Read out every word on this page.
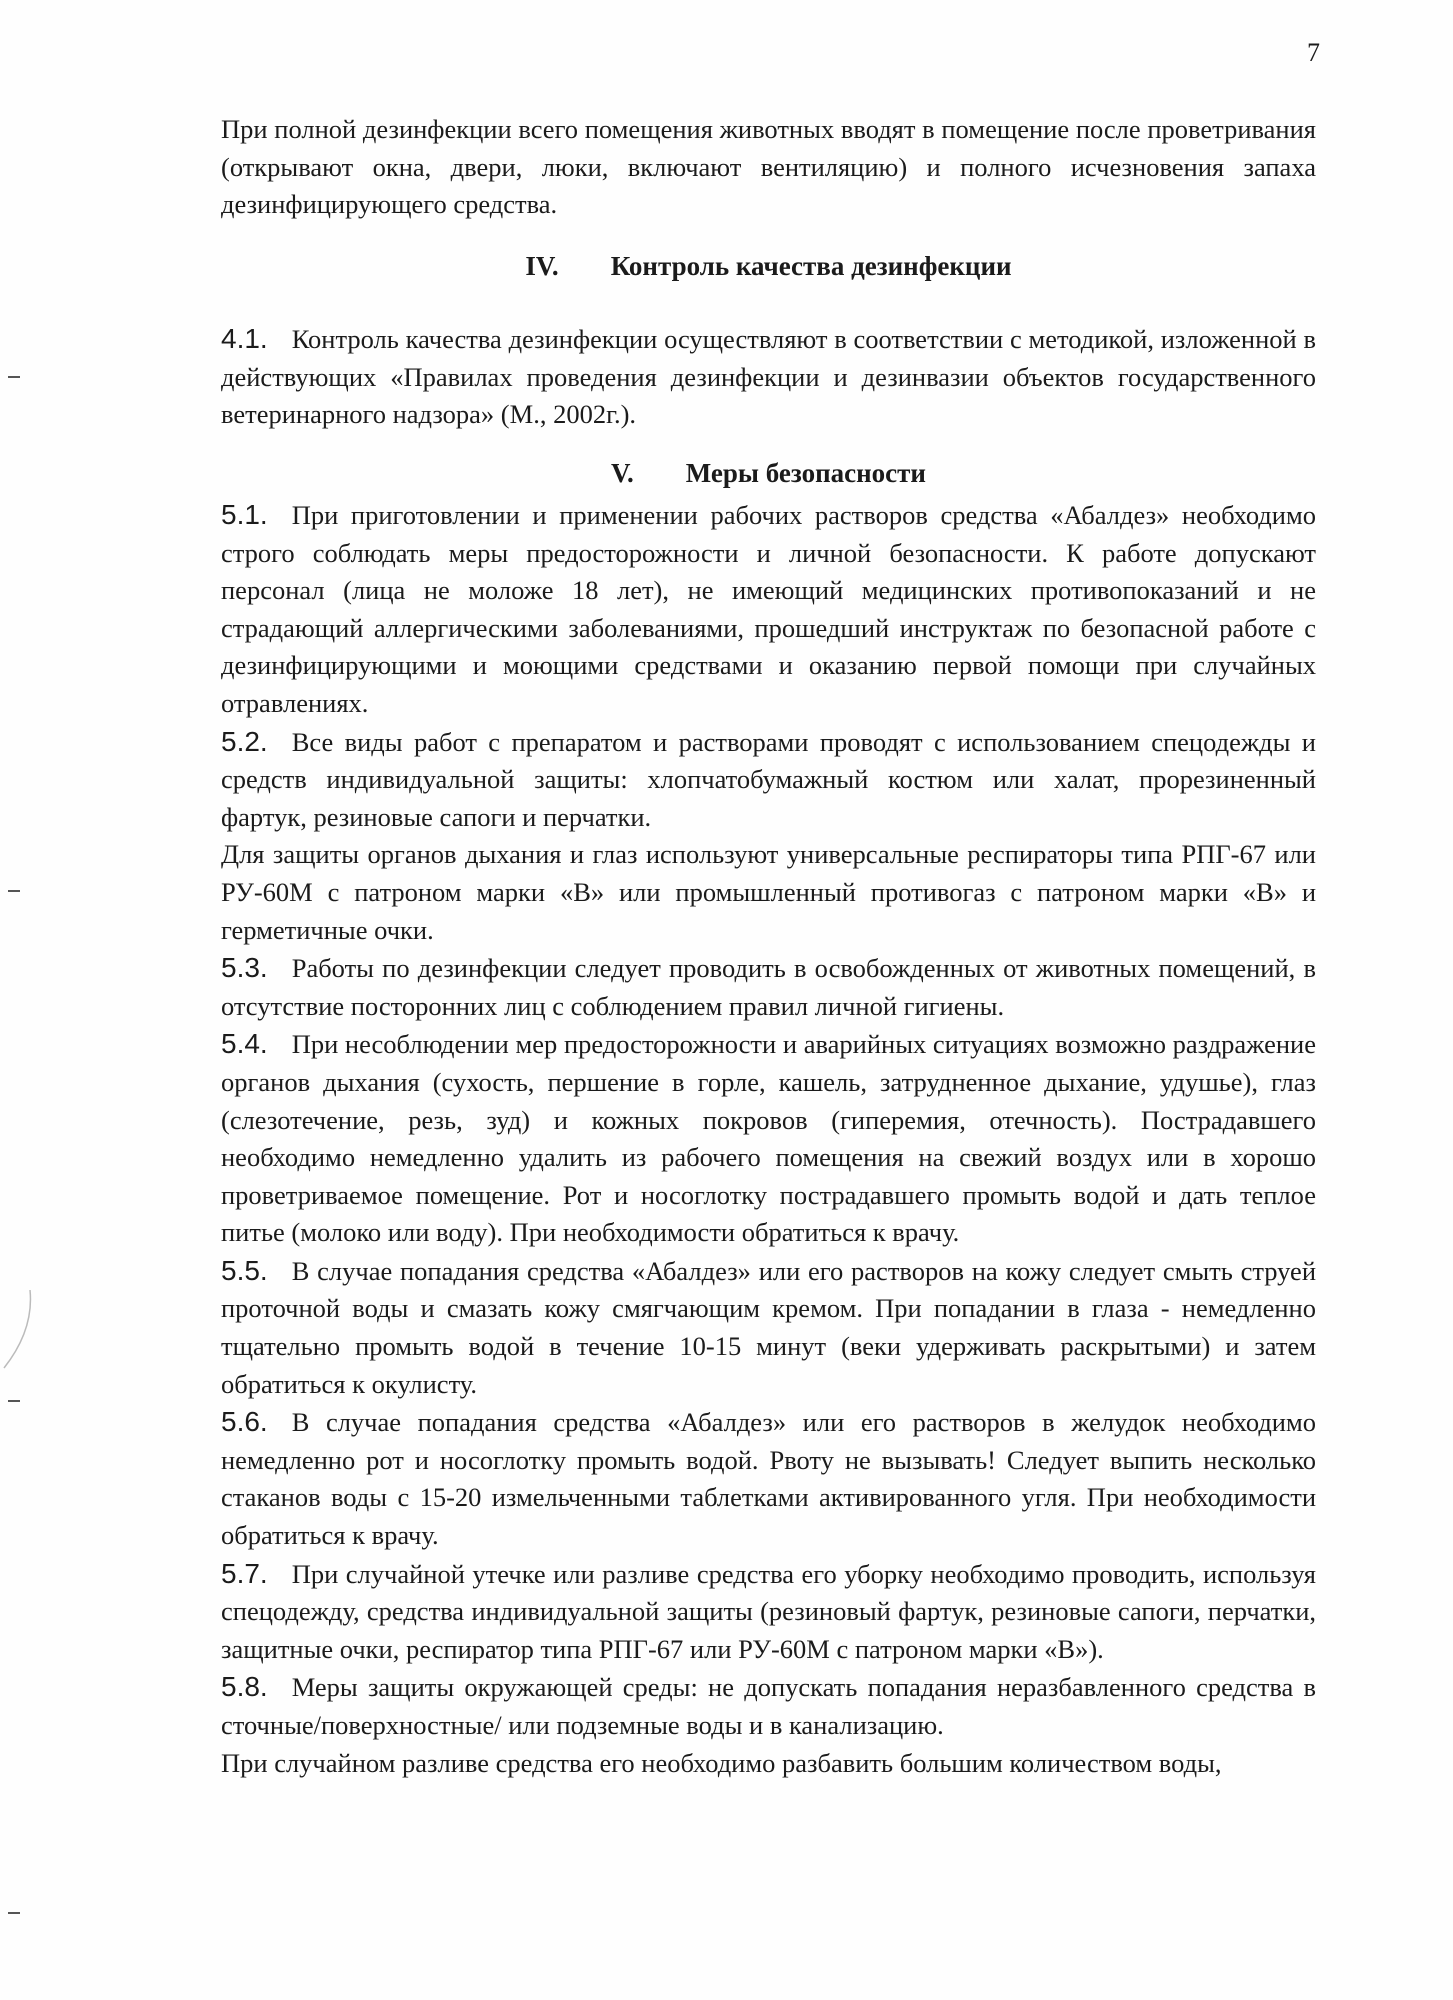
7

При полной дезинфекции всего помещения животных вводят в помещение после проветривания (открывают окна, двери, люки, включают вентиляцию) и полного исчезновения запаха дезинфицирующего средства.

IV. Контроль качества дезинфекции

4.1. Контроль качества дезинфекции осуществляют в соответствии с методикой, изложенной в действующих «Правилах проведения дезинфекции и дезинвазии объектов государственного ветеринарного надзора» (М., 2002г.).

V. Меры безопасности

5.1. При приготовлении и применении рабочих растворов средства «Абалдез» необходимо строго соблюдать меры предосторожности и личной безопасности. К работе допускают персонал (лица не моложе 18 лет), не имеющий медицинских противопоказаний и не страдающий аллергическими заболеваниями, прошедший инструктаж по безопасной работе с дезинфицирующими и моющими средствами и оказанию первой помощи при случайных отравлениях.

5.2. Все виды работ с препаратом и растворами проводят с использованием спецодежды и средств индивидуальной защиты: хлопчатобумажный костюм или халат, прорезиненный фартук, резиновые сапоги и перчатки.

Для защиты органов дыхания и глаз используют универсальные респираторы типа РПГ-67 или РУ-60М с патроном марки «В» или промышленный противогаз с патроном марки «В» и герметичные очки.

5.3. Работы по дезинфекции следует проводить в освобожденных от животных помещений, в отсутствие посторонних лиц с соблюдением правил личной гигиены.

5.4. При несоблюдении мер предосторожности и аварийных ситуациях возможно раздражение органов дыхания (сухость, першение в горле, кашель, затрудненное дыхание, удушье), глаз (слезотечение, резь, зуд) и кожных покровов (гиперемия, отечность). Пострадавшего необходимо немедленно удалить из рабочего помещения на свежий воздух или в хорошо проветриваемое помещение. Рот и носоглотку пострадавшего промыть водой и дать теплое питье (молоко или воду). При необходимости обратиться к врачу.

5.5. В случае попадания средства «Абалдез» или его растворов на кожу следует смыть струей проточной воды и смазать кожу смягчающим кремом. При попадании в глаза - немедленно тщательно промыть водой в течение 10-15 минут (веки удерживать раскрытыми) и затем обратиться к окулисту.

5.6. В случае попадания средства «Абалдез» или его растворов в желудок необходимо немедленно рот и носоглотку промыть водой. Рвоту не вызывать! Следует выпить несколько стаканов воды с 15-20 измельченными таблетками активированного угля. При необходимости обратиться к врачу.

5.7. При случайной утечке или разливе средства его уборку необходимо проводить, используя спецодежду, средства индивидуальной защиты (резиновый фартук, резиновые сапоги, перчатки, защитные очки, респиратор типа РПГ-67 или РУ-60М с патроном марки «В»).

5.8. Меры защиты окружающей среды: не допускать попадания неразбавленного средства в сточные/поверхностные/ или подземные воды и в канализацию.

При случайном разливе средства его необходимо разбавить большим количеством воды,
